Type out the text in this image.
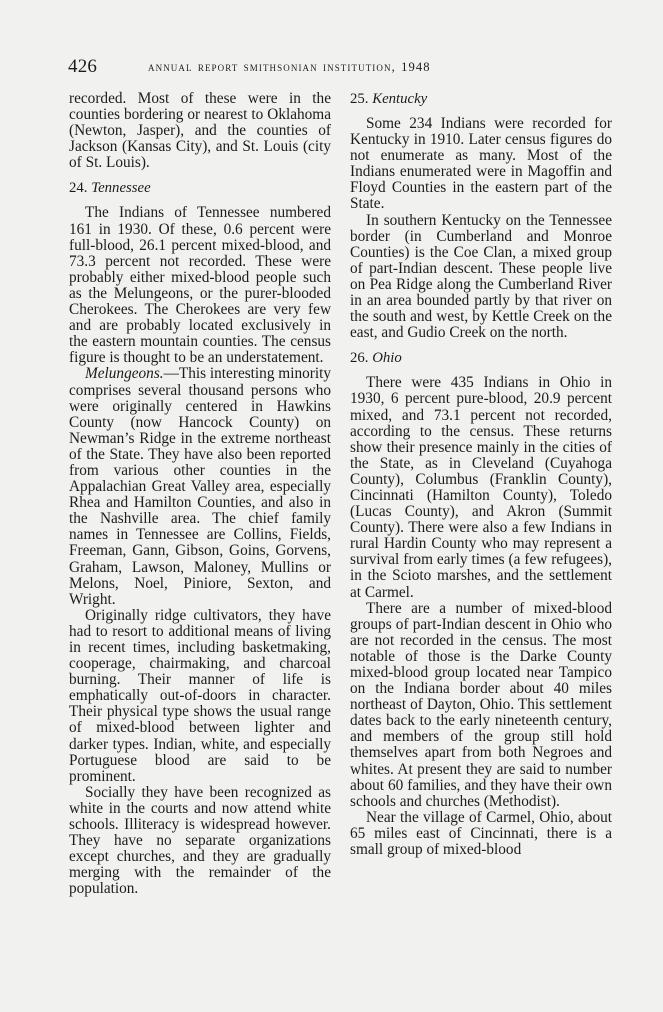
426	annual report smithsonian institution, 1948

recorded. Most of these were in the counties bordering or nearest to Oklahoma (Newton, Jasper), and the counties of Jackson (Kansas City), and St. Louis (city of St. Louis).

24. Tennessee

The Indians of Tennessee numbered 161 in 1930. Of these, 0.6 percent were full-blood, 26.1 percent mixed-blood, and 73.3 percent not recorded. These were probably either mixed-blood people such as the Melungeons, or the purer-blooded Cherokees. The Cherokees are very few and are probably located exclusively in the eastern mountain counties. The census figure is thought to be an understatement.

Melungeons.—This interesting minority comprises several thousand persons who were originally centered in Hawkins County (now Hancock County) on Newman’s Ridge in the extreme northeast of the State. They have also been reported from various other counties in the Appalachian Great Valley area, especially Rhea and Hamilton Counties, and also in the Nashville area. The chief family names in Tennessee are Collins, Fields, Freeman, Gann, Gibson, Goins, Gorvens, Graham, Lawson, Maloney, Mullins or Melons, Noel, Piniore, Sexton, and Wright.

Originally ridge cultivators, they have had to resort to additional means of living in recent times, including basketmaking, cooperage, chairmaking, and charcoal burning. Their manner of life is emphatically out-of-doors in character. Their physical type shows the usual range of mixed-blood between lighter and darker types. Indian, white, and especially Portuguese blood are said to be prominent.

Socially they have been recognized as white in the courts and now attend white schools. Illiteracy is widespread however. They have no separate organizations except churches, and they are gradually merging with the remainder of the population.

25. Kentucky

Some 234 Indians were recorded for Kentucky in 1910. Later census figures do not enumerate as many. Most of the Indians enumerated were in Magoffin and Floyd Counties in the eastern part of the State.

In southern Kentucky on the Tennessee border (in Cumberland and Monroe Counties) is the Coe Clan, a mixed group of part-Indian descent. These people live on Pea Ridge along the Cumberland River in an area bounded partly by that river on the south and west, by Kettle Creek on the east, and Gudio Creek on the north.

26. Ohio

There were 435 Indians in Ohio in 1930, 6 percent pure-blood, 20.9 percent mixed, and 73.1 percent not recorded, according to the census. These returns show their presence mainly in the cities of the State, as in Cleveland (Cuyahoga County), Columbus (Franklin County), Cincinnati (Hamilton County), Toledo (Lucas County), and Akron (Summit County). There were also a few Indians in rural Hardin County who may represent a survival from early times (a few refugees), in the Scioto marshes, and the settlement at Carmel.

There are a number of mixed-blood groups of part-Indian descent in Ohio who are not recorded in the census. The most notable of those is the Darke County mixed-blood group located near Tampico on the Indiana border about 40 miles northeast of Dayton, Ohio. This settlement dates back to the early nineteenth century, and members of the group still hold themselves apart from both Negroes and whites. At present they are said to number about 60 families, and they have their own schools and churches (Methodist).

Near the village of Carmel, Ohio, about 65 miles east of Cincinnati, there is a small group of mixed-blood
